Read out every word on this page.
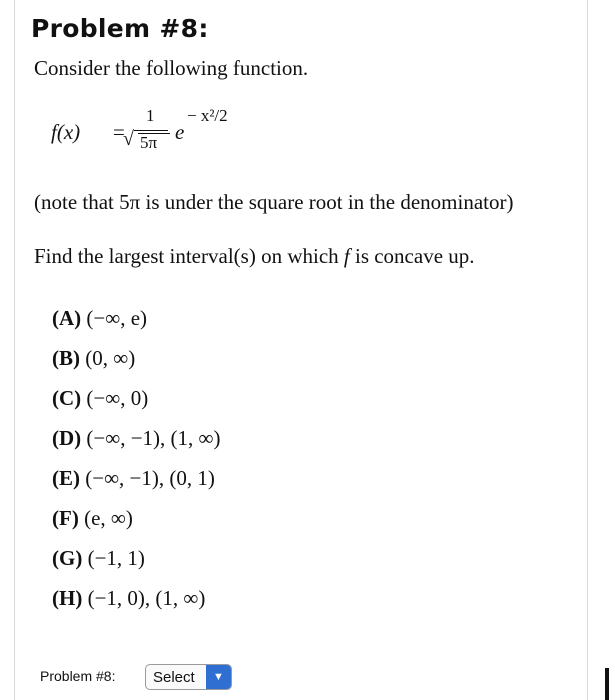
Problem #8:
Consider the following function.
f(x) =
1
√ 5π e
− x²/2
(note that 5π is under the square root in the denominator)
Find the largest interval(s) on which f is concave up.
(A) (−∞, e)
(B) (0, ∞)
(C) (−∞, 0)
(D) (−∞, −1), (1, ∞)
(E) (−∞, −1), (0, 1)
(F) (e, ∞)
(G) (−1, 1)
(H) (−1, 0), (1, ∞)
Problem #8:	Select	▼
